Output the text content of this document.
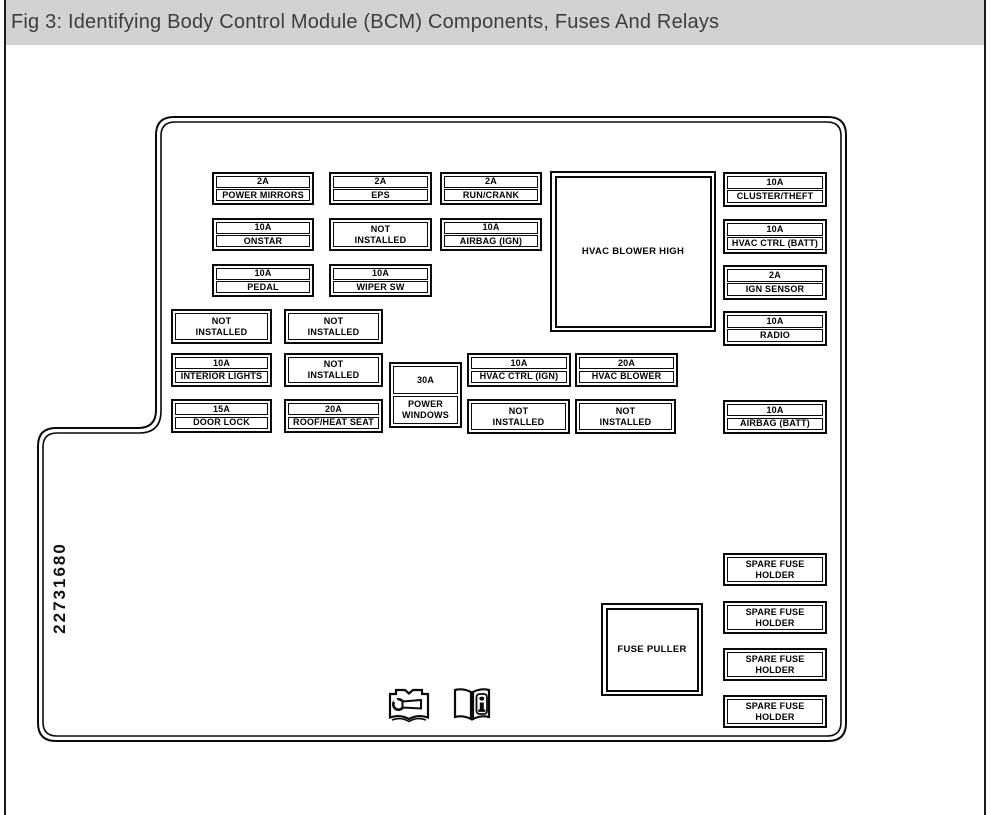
Fig 3: Identifying Body Control Module (BCM) Components, Fuses And Relays
22731680
2A
POWER MIRRORS
2A
EPS
2A
RUN/CRANK
10A
CLUSTER/THEFT
10A
ONSTAR
10A
AIRBAG (IGN)
10A
HVAC CTRL (BATT)
10A
PEDAL
10A
WIPER SW
2A
IGN SENSOR
10A
RADIO
10A
INTERIOR LIGHTS
10A
HVAC CTRL (IGN)
20A
HVAC BLOWER
15A
DOOR LOCK
20A
ROOF/HEAT SEAT
10A
AIRBAG (BATT)
30A
POWER
WINDOWS
NOT
INSTALLED
NOT
INSTALLED
NOT
INSTALLED
NOT
INSTALLED
NOT
INSTALLED
NOT
INSTALLED
SPARE FUSE
HOLDER
SPARE FUSE
HOLDER
SPARE FUSE
HOLDER
SPARE FUSE
HOLDER
HVAC BLOWER HIGH
FUSE PULLER
